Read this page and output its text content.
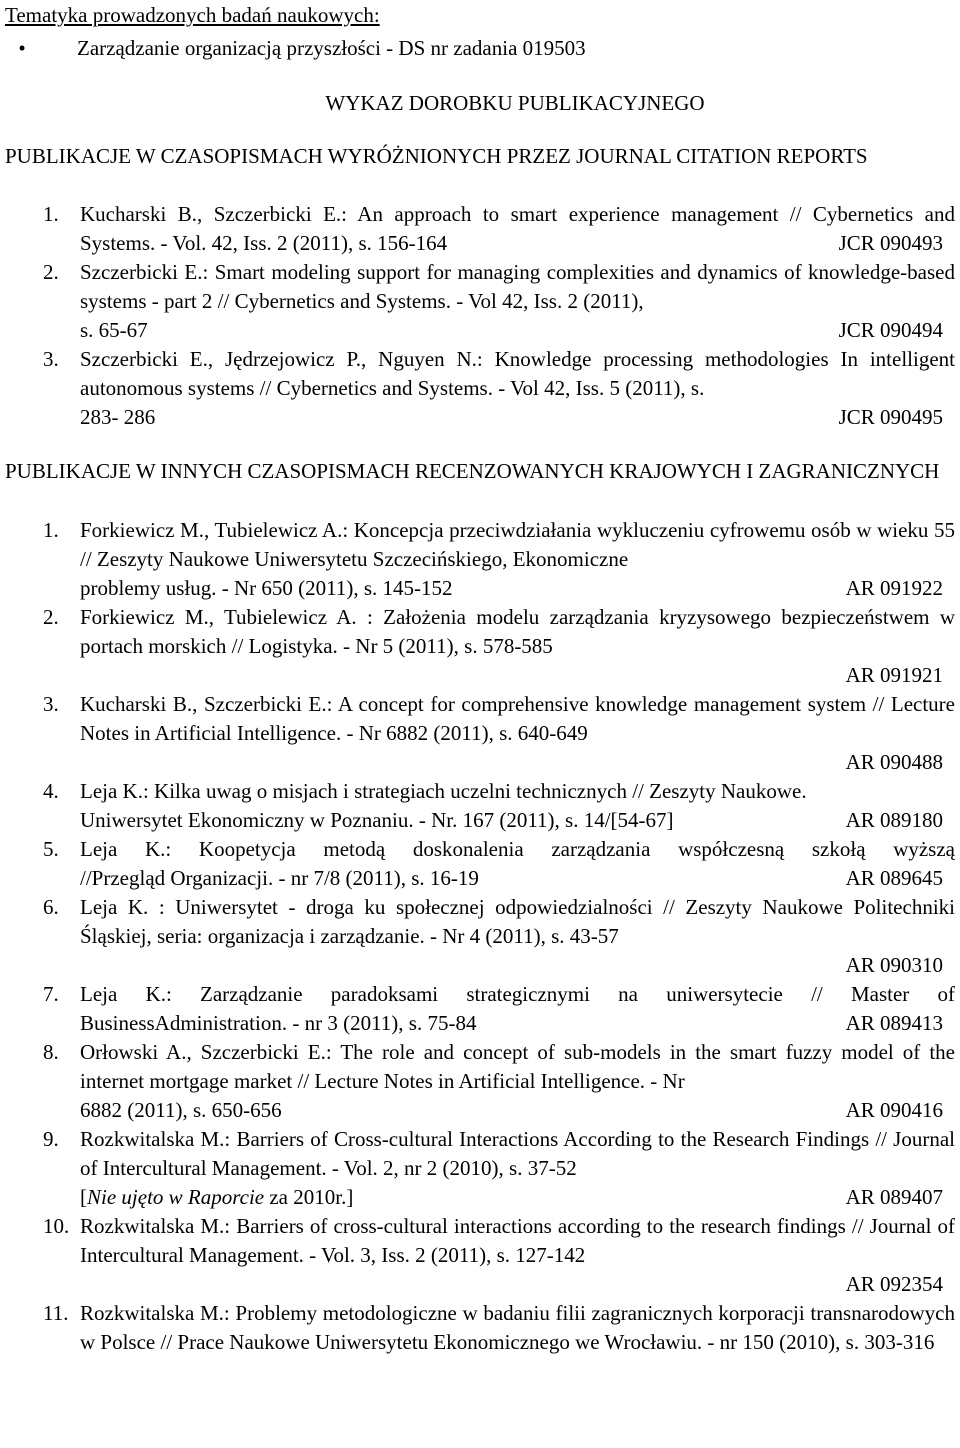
Tematyka prowadzonych badań naukowych:

•
Zarządzanie organizacją przyszłości - DS nr zadania 019503
WYKAZ DOROBKU PUBLIKACYJNEGO
PUBLIKACJE W CZASOPISMACH WYRÓŻNIONYCH PRZEZ JOURNAL CITATION REPORTS
1.	Kucharski B., Szczerbicki E.: An approach to smart experience management // Cybernetics and Systems. - Vol. 42, Iss. 2 (2011), s. 156-164	JCR 090493
2.	Szczerbicki E.: Smart modeling support for managing complexities and dynamics of knowledge-based systems - part 2 // Cybernetics and Systems. - Vol 42, Iss. 2 (2011),
s. 65-67	JCR 090494
3.	Szczerbicki E., Jędrzejowicz P., Nguyen N.: Knowledge processing methodologies In intelligent autonomous systems // Cybernetics and Systems. - Vol 42, Iss. 5 (2011), s.
283- 286	JCR 090495
PUBLIKACJE W INNYCH CZASOPISMACH RECENZOWANYCH KRAJOWYCH I ZAGRANICZNYCH
1.	Forkiewicz M., Tubielewicz A.: Koncepcja przeciwdziałania wykluczeniu cyfrowemu osób w wieku 55 // Zeszyty Naukowe Uniwersytetu Szczecińskiego, Ekonomiczne
problemy usług. - Nr 650 (2011), s. 145-152	AR 091922
2.	Forkiewicz M., Tubielewicz A. : Założenia modelu zarządzania kryzysowego bezpieczeństwem w portach morskich // Logistyka. - Nr 5 (2011), s. 578-585
AR 091921
3.	Kucharski B., Szczerbicki E.: A concept for comprehensive knowledge management system // Lecture Notes in Artificial Intelligence. - Nr 6882 (2011), s. 640-649
AR 090488
4.	Leja K.: Kilka uwag o misjach i strategiach uczelni technicznych // Zeszyty Naukowe.
Uniwersytet Ekonomiczny w Poznaniu. - Nr. 167 (2011), s. 14/[54-67]	AR 089180
5.	Leja K.: Koopetycja metodą doskonalenia zarządzania współczesną szkołą wyższą
//Przegląd Organizacji. - nr 7/8 (2011), s. 16-19	AR 089645
6.	Leja K. : Uniwersytet - droga ku społecznej odpowiedzialności // Zeszyty Naukowe Politechniki Śląskiej, seria: organizacja i zarządzanie. - Nr 4 (2011), s. 43-57
AR 090310
7.	Leja K.: Zarządzanie paradoksami strategicznymi na uniwersytecie // Master of
BusinessAdministration. - nr 3 (2011), s. 75-84	AR 089413
8.	Orłowski A., Szczerbicki E.: The role and concept of sub-models in the smart fuzzy model of the internet mortgage market // Lecture Notes in Artificial Intelligence. - Nr
6882 (2011), s. 650-656	AR 090416
9.	Rozkwitalska M.: Barriers of Cross-cultural Interactions According to the Research Findings // Journal of Intercultural Management. - Vol. 2, nr 2 (2010), s. 37-52
[Nie ujęto w Raporcie za 2010r.]	AR 089407
10. Rozkwitalska M.: Barriers of cross-cultural interactions according to the research findings // Journal of Intercultural Management. - Vol. 3, Iss. 2 (2011), s. 127-142
AR 092354
11. Rozkwitalska M.: Problemy metodologiczne w badaniu filii zagranicznych korporacji transnarodowych w Polsce // Prace Naukowe Uniwersytetu Ekonomicznego we Wrocławiu. - nr 150 (2010), s. 303-316
